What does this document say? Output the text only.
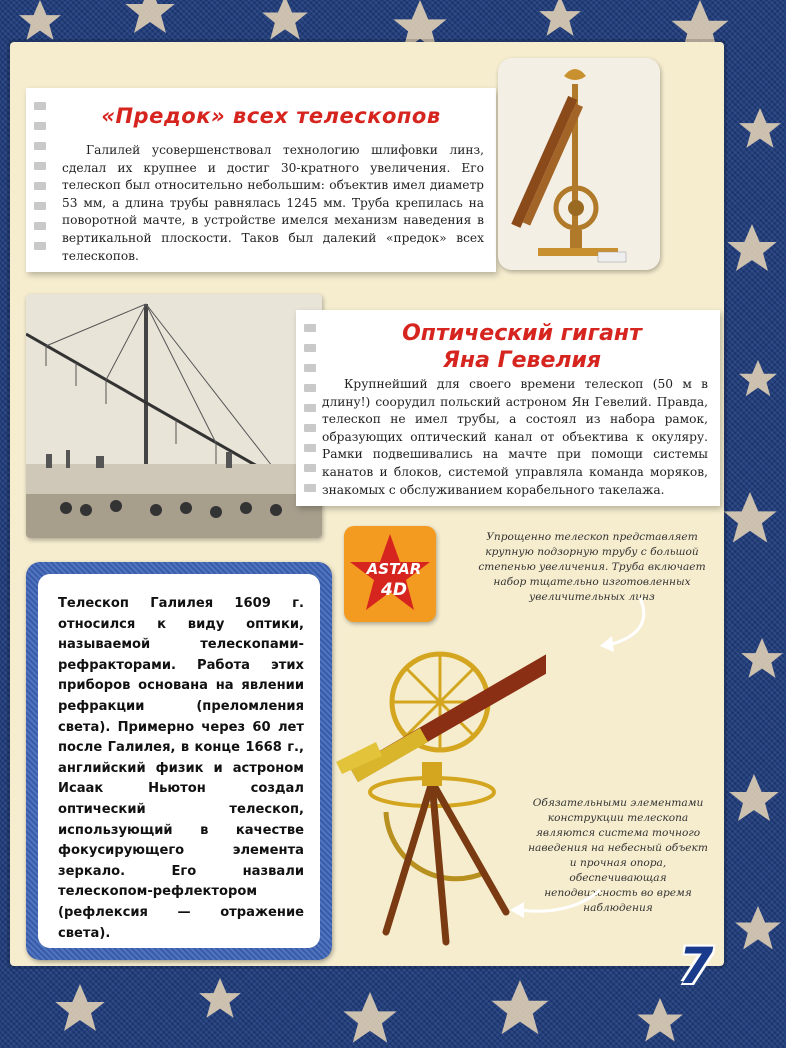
«Предок» всех телескопов

Галилей усовершенствовал технологию шлифовки линз, сделал их крупнее и достиг 30-кратного увеличения. Его телескоп был относительно небольшим: объектив имел диаметр 53 мм, а длина трубы равнялась 1245 мм. Труба крепилась на поворотной мачте, в устройстве имелся механизм наведения в вертикальной плоскости. Таков был далекий «предок» всех телескопов.

Оптический гигант
Яна Гевелия

Крупнейший для своего времени телескоп (50 м в длину!) соорудил польский астроном Ян Гевелий. Правда, телескоп не имел трубы, а состоял из набора рамок, образующих оптический канал от объектива к окуляру. Рамки подвешивались на мачте при помощи системы канатов и блоков, системой управляла команда моряков, знакомых с обслуживанием корабельного такелажа.

Телескоп Галилея 1609 г. относился к виду оптики, называемой телескопами-рефракторами. Работа этих приборов основана на явлении рефракции (преломления света). Примерно через 60 лет после Галилея, в конце 1668 г., английский физик и астроном Исаак Ньютон создал оптический телескоп, использующий в качестве фокусирующего элемента зеркало. Его назвали телескопом-рефлектором (рефлексия — отражение света).

ASTAR

4D

Упрощенно телескоп представляет крупную подзорную трубу с большой степенью увеличения. Труба включает набор тщательно изготовленных увеличительных линз

Обязательными элементами конструкции телескопа являются система точного наведения на небесный объект и прочная опора, обеспечивающая неподвижность во время наблюдения

7
